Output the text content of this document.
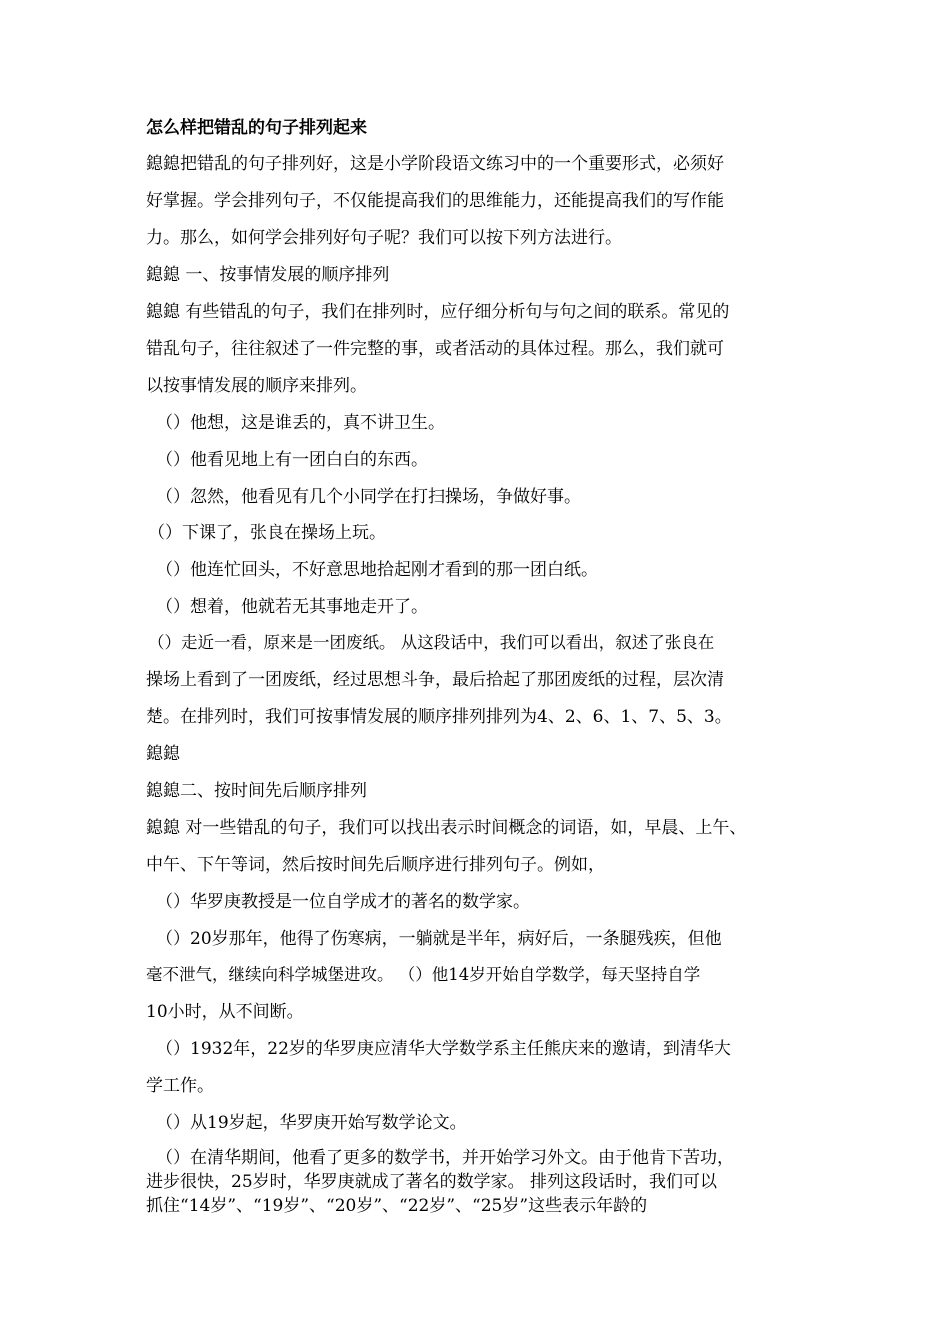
怎么样把错乱的句子排列起来
鎴鎴把错乱的句子排列好，这是小学阶段语文练习中的一个重要形式，必须好
好掌握。学会排列句子，不仅能提高我们的思维能力，还能提高我们的写作能
力。那么，如何学会排列好句子呢？我们可以按下列方法进行。
鎴鎴 一、按事情发展的顺序排列
鎴鎴 有些错乱的句子，我们在排列时，应仔细分析句与句之间的联系。常见的
错乱句子，往往叙述了一件完整的事，或者活动的具体过程。那么，我们就可
以按事情发展的顺序来排列。
（）他想，这是谁丢的，真不讲卫生。
（）他看见地上有一团白白的东西。
（）忽然，他看见有几个小同学在打扫操场，争做好事。
（）下课了，张良在操场上玩。
（）他连忙回头，不好意思地拾起刚才看到的那一团白纸。
（）想着，他就若无其事地走开了。
（）走近一看，原来是一团废纸。 从这段话中，我们可以看出，叙述了张良在
操场上看到了一团废纸，经过思想斗争，最后拾起了那团废纸的过程，层次清
楚。在排列时，我们可按事情发展的顺序排列排列为4、2、6、1、7、5、3。
鎴鎴
鎴鎴二、按时间先后顺序排列
鎴鎴 对一些错乱的句子，我们可以找出表示时间概念的词语，如，早晨、上午、
中午、下午等词，然后按时间先后顺序进行排列句子。例如，
（）华罗庚教授是一位自学成才的著名的数学家。
（）20岁那年，他得了伤寒病，一躺就是半年，病好后，一条腿残疾，但他
毫不泄气，继续向科学城堡进攻。 （）他14岁开始自学数学，每天坚持自学
10小时，从不间断。
（）1932年，22岁的华罗庚应清华大学数学系主任熊庆来的邀请，到清华大
学工作。
（）从19岁起，华罗庚开始写数学论文。
（）在清华期间，他看了更多的数学书，并开始学习外文。由于他肯下苦功，
进步很快，25岁时，华罗庚就成了著名的数学家。 排列这段话时，我们可以
抓住“14岁”、“19岁”、“20岁”、“22岁”、“25岁”这些表示年龄的
